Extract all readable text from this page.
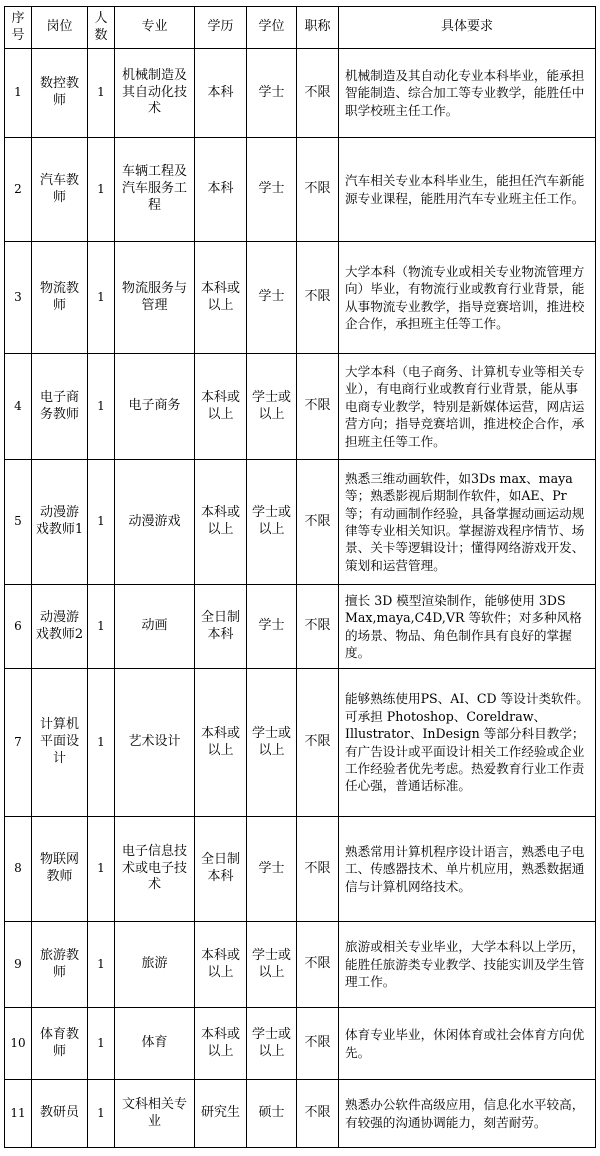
序号	岗位	人数	专业	学历	学位	职称	具体要求
1	数控教师	1	机械制造及其自动化技术	本科	学士	不限	机械制造及其自动化专业本科毕业，能承担智能制造、综合加工等专业教学，能胜任中职学校班主任工作。
2	汽车教师	1	车辆工程及汽车服务工程	本科	学士	不限	汽车相关专业本科毕业生，能担任汽车新能源专业课程，能胜用汽车专业班主任工作。
3	物流教师	1	物流服务与管理	本科或以上	学士	不限	大学本科（物流专业或相关专业物流管理方向）毕业，有物流行业或教育行业背景，能从事物流专业教学，指导竞赛培训，推进校企合作，承担班主任等工作。
4	电子商务教师	1	电子商务	本科或以上	学士或以上	不限	大学本科（电子商务、计算机专业等相关专业），有电商行业或教育行业背景，能从事电商专业教学，特别是新媒体运营，网店运营方向；指导竞赛培训，推进校企合作，承担班主任等工作。
5	动漫游戏教师1	1	动漫游戏	本科或以上	学士或以上	不限	熟悉三维动画软件，如3Ds max、maya等；熟悉影视后期制作软件，如AE、Pr等；有动画制作经验，具备掌握动画运动规律等专业相关知识。掌握游戏程序情节、场景、关卡等逻辑设计；懂得网络游戏开发、策划和运营管理。
6	动漫游戏教师2	1	动画	全日制本科	学士	不限	擅长 3D 模型渲染制作，能够使用 3DS Max,maya,C4D,VR 等软件；对多种风格的场景、物品、角色制作具有良好的掌握度。
7	计算机平面设计	1	艺术设计	本科或以上	学士或以上	不限	能够熟练使用PS、AI、CD 等设计类软件。可承担 Photoshop、Coreldraw、Illustrator、InDesign 等部分科目教学；有广告设计或平面设计相关工作经验或企业工作经验者优先考虑。热爱教育行业工作责任心强，普通话标准。
8	物联网教师	1	电子信息技术或电子技术	全日制本科	学士	不限	熟悉常用计算机程序设计语言，熟悉电子电工、传感器技术、单片机应用，熟悉数据通信与计算机网络技术。
9	旅游教师	1	旅游	本科或以上	学士或以上	不限	旅游或相关专业毕业，大学本科以上学历，能胜任旅游类专业教学、技能实训及学生管理工作。
10	体育教师	1	体育	本科或以上	学士或以上	不限	体育专业毕业，休闲体育或社会体育方向优先。
11	教研员	1	文科相关专业	研究生	硕士	不限	熟悉办公软件高级应用，信息化水平较高，有较强的沟通协调能力，刻苦耐劳。
